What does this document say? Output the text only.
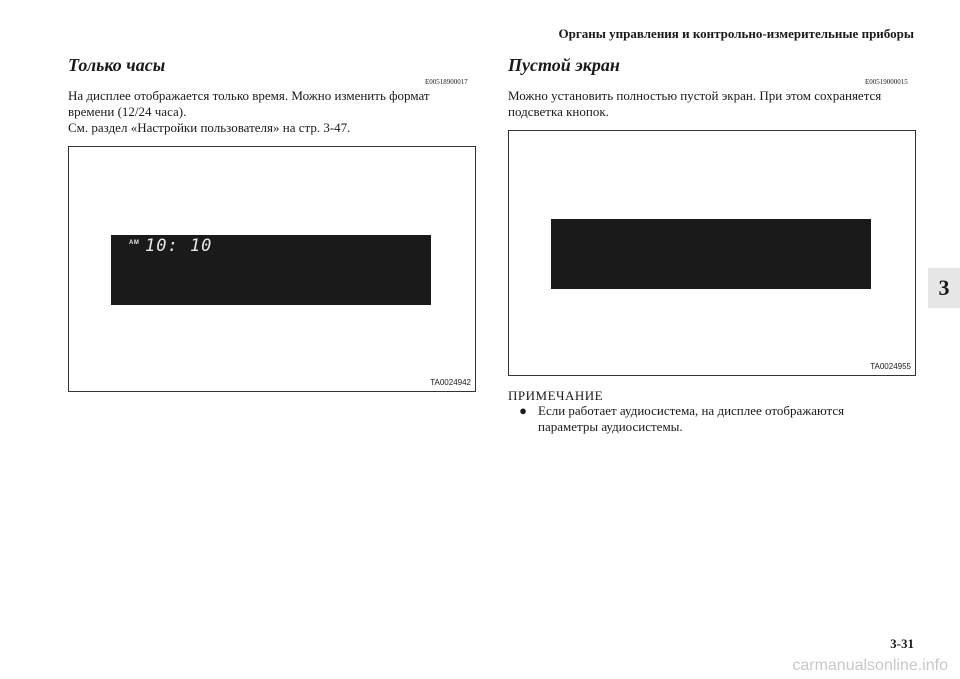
Органы управления и контрольно-измерительные приборы
3
Только часы
E00518900017
На дисплее отображается только время. Можно изменить формат времени (12/24 часа).
См. раздел «Настройки пользователя» на стр. 3-47.
AM 10: 10
TA0024942
Пустой экран
E00519000015
Можно установить полностью пустой экран. При этом сохраняется подсветка кнопок.
TA0024955
ПРИМЕЧАНИЕ
● Если работает аудиосистема, на дисплее отображаются параметры аудиосистемы.
3-31
carmanualsonline.info
